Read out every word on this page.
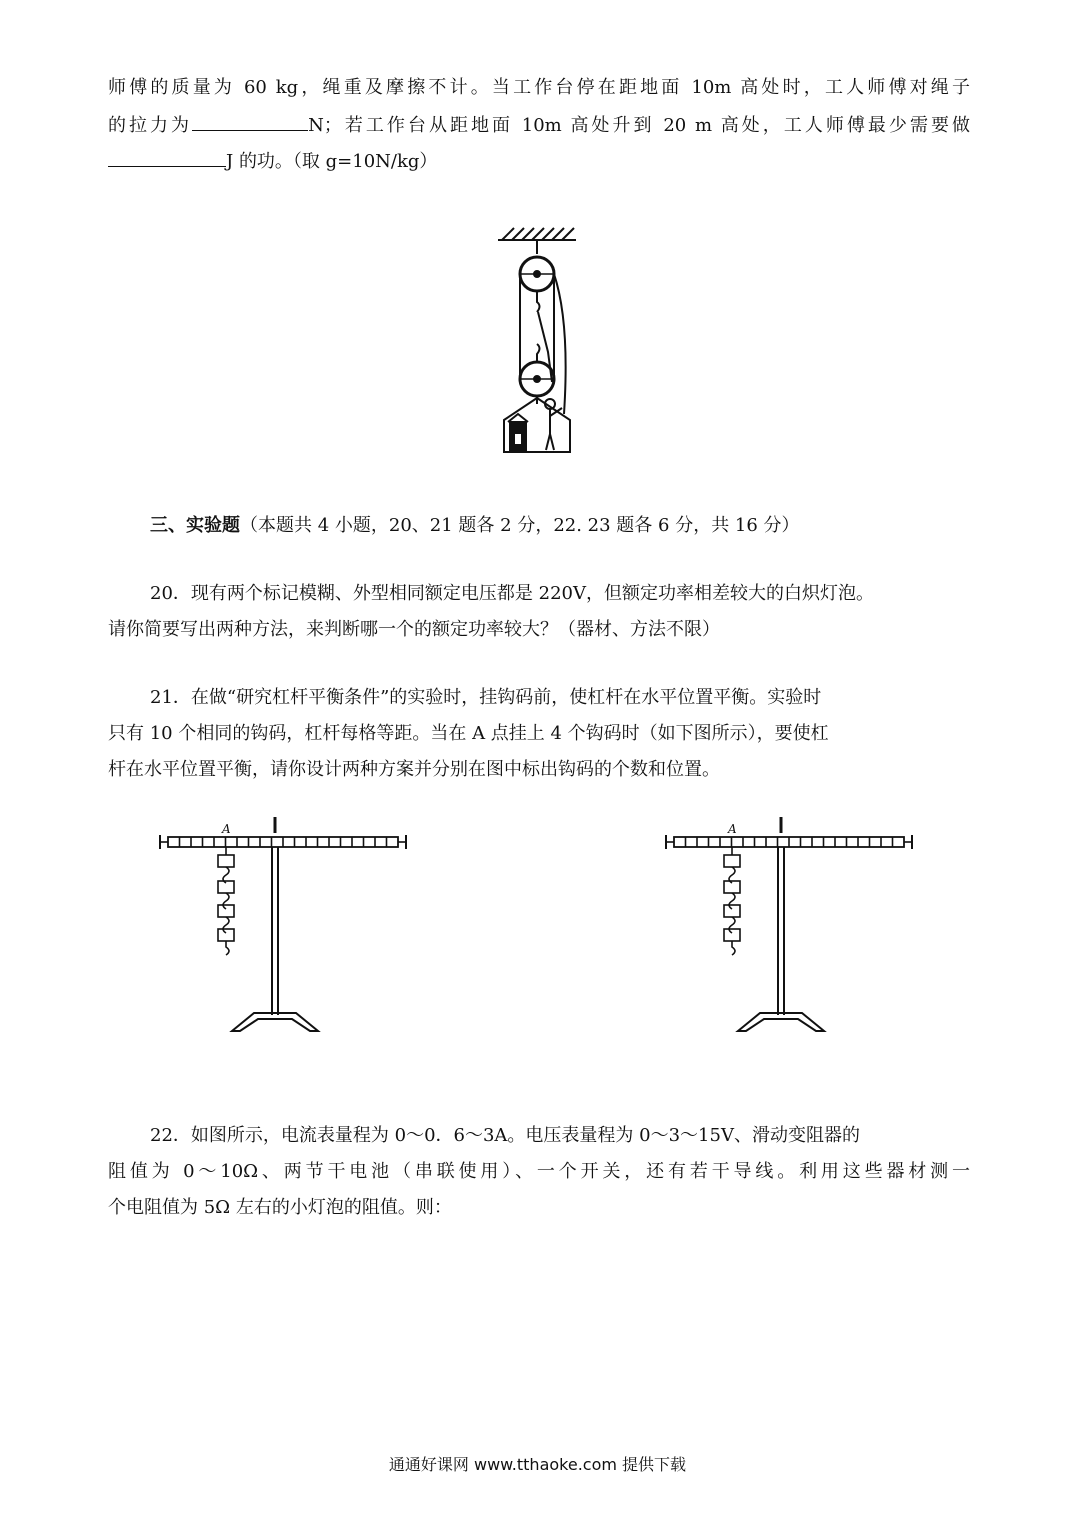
师傅的质量为 60 kg，绳重及摩擦不计。当工作台停在距地面 10m 高处时，工人师傅对绳子
的拉力为	N；若工作台从距地面 10m 高处升到 20 m 高处，工人师傅最少需要做
J 的功。（取 g=10N/kg）
三、实验题（本题共 4 小题，20、21 题各 2 分，22. 23 题各 6 分，共 16 分）
20．现有两个标记模糊、外型相同额定电压都是 220V，但额定功率相差较大的白炽灯泡。
请你简要写出两种方法，来判断哪一个的额定功率较大？（器材、方法不限）
21．在做“研究杠杆平衡条件”的实验时，挂钩码前，使杠杆在水平位置平衡。实验时
只有 10 个相同的钩码，杠杆每格等距。当在 A 点挂上 4 个钩码时（如下图所示），要使杠
杆在水平位置平衡，请你设计两种方案并分别在图中标出钩码的个数和位置。
A	A
22．如图所示，电流表量程为 0～0．6～3A。电压表量程为 0～3～15V、滑动变阻器的
阻值为 0～10Ω、两节干电池（串联使用）、一个开关，还有若干导线。利用这些器材测一
个电阻值为 5Ω 左右的小灯泡的阻值。则：
通通好课网 www.tthaoke.com 提供下载
